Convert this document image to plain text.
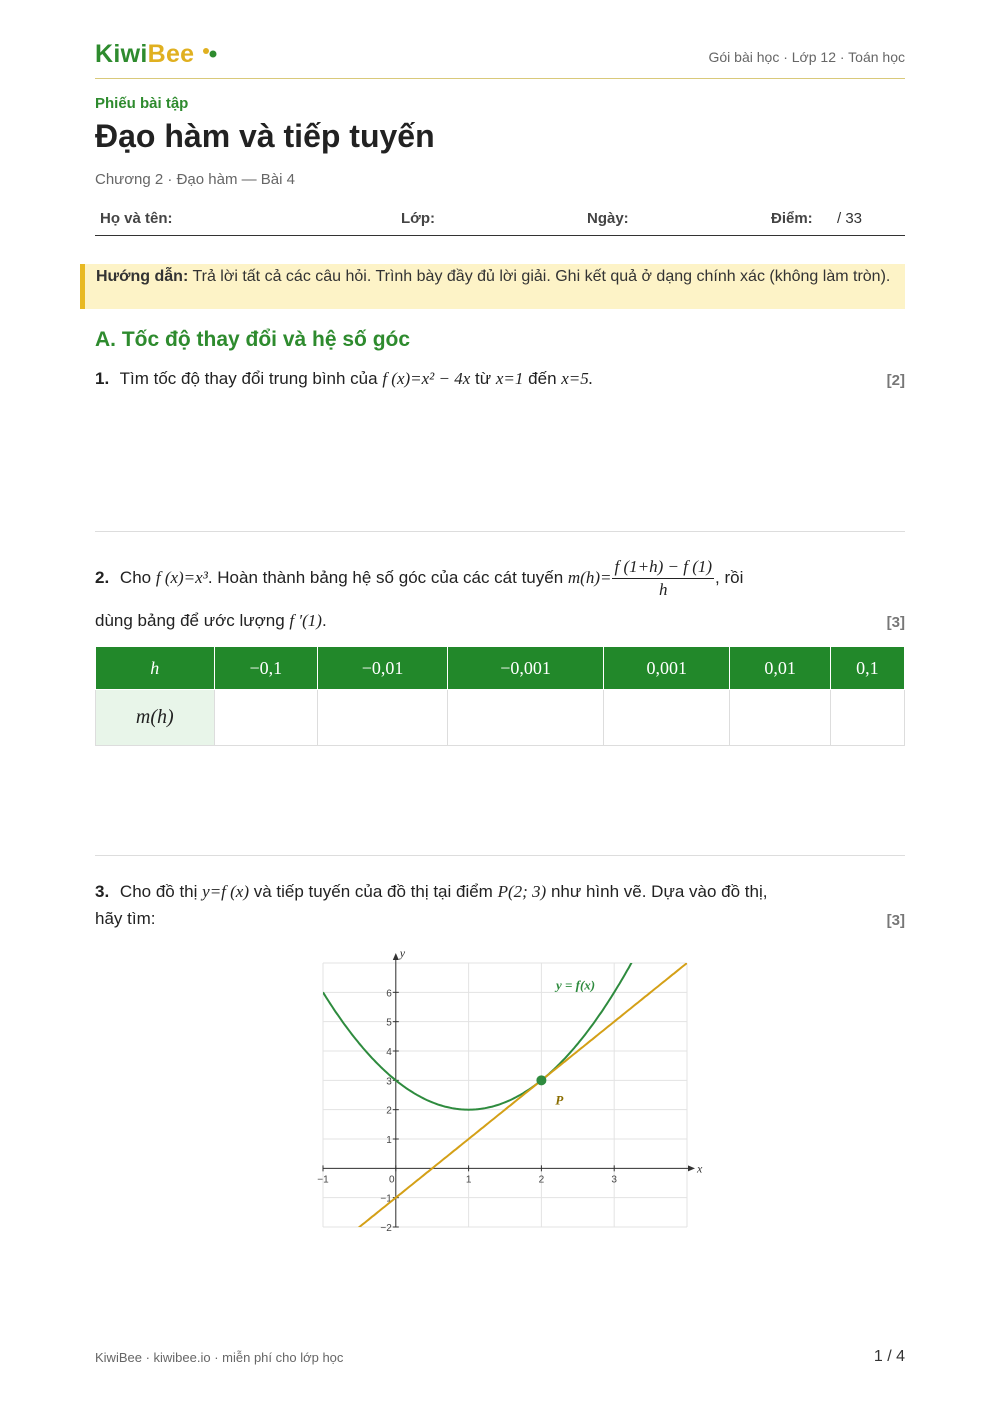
KiwiBee	Gói bài học · Lớp 12 · Toán học
Phiếu bài tập
Đạo hàm và tiếp tuyến
Chương 2 · Đạo hàm — Bài 4
Họ và tên:	Lớp:	Ngày:	Điểm: / 33
Hướng dẫn: Trả lời tất cả các câu hỏi. Trình bày đầy đủ lời giải. Ghi kết quả ở dạng chính xác (không làm tròn).
A. Tốc độ thay đổi và hệ số góc
1. Tìm tốc độ thay đổi trung bình của f (x)=x² − 4x từ x=1 đến x=5.	[2]
2. Cho f (x)=x³. Hoàn thành bảng hệ số góc của các cát tuyến $m(h)= \frac{f (1+h) - f (1)}{h}$ , rồi
dùng bảng để ước lượng f ′(1).	[3]
h	−0,1	−0,01	−0,001	0,001	0,01	0,1
m(h)						
3. Cho đồ thị y=f (x) và tiếp tuyến của đồ thị tại điểm P(2; 3) như hình vẽ. Dựa vào đồ thị,
hãy tìm:	[3]
x
y
−1	0	1	2	3
−2
−1
1
2
3
4
5
6
y = f(x)
P
KiwiBee · kiwibee.io · miễn phí cho lớp học	1 / 4
